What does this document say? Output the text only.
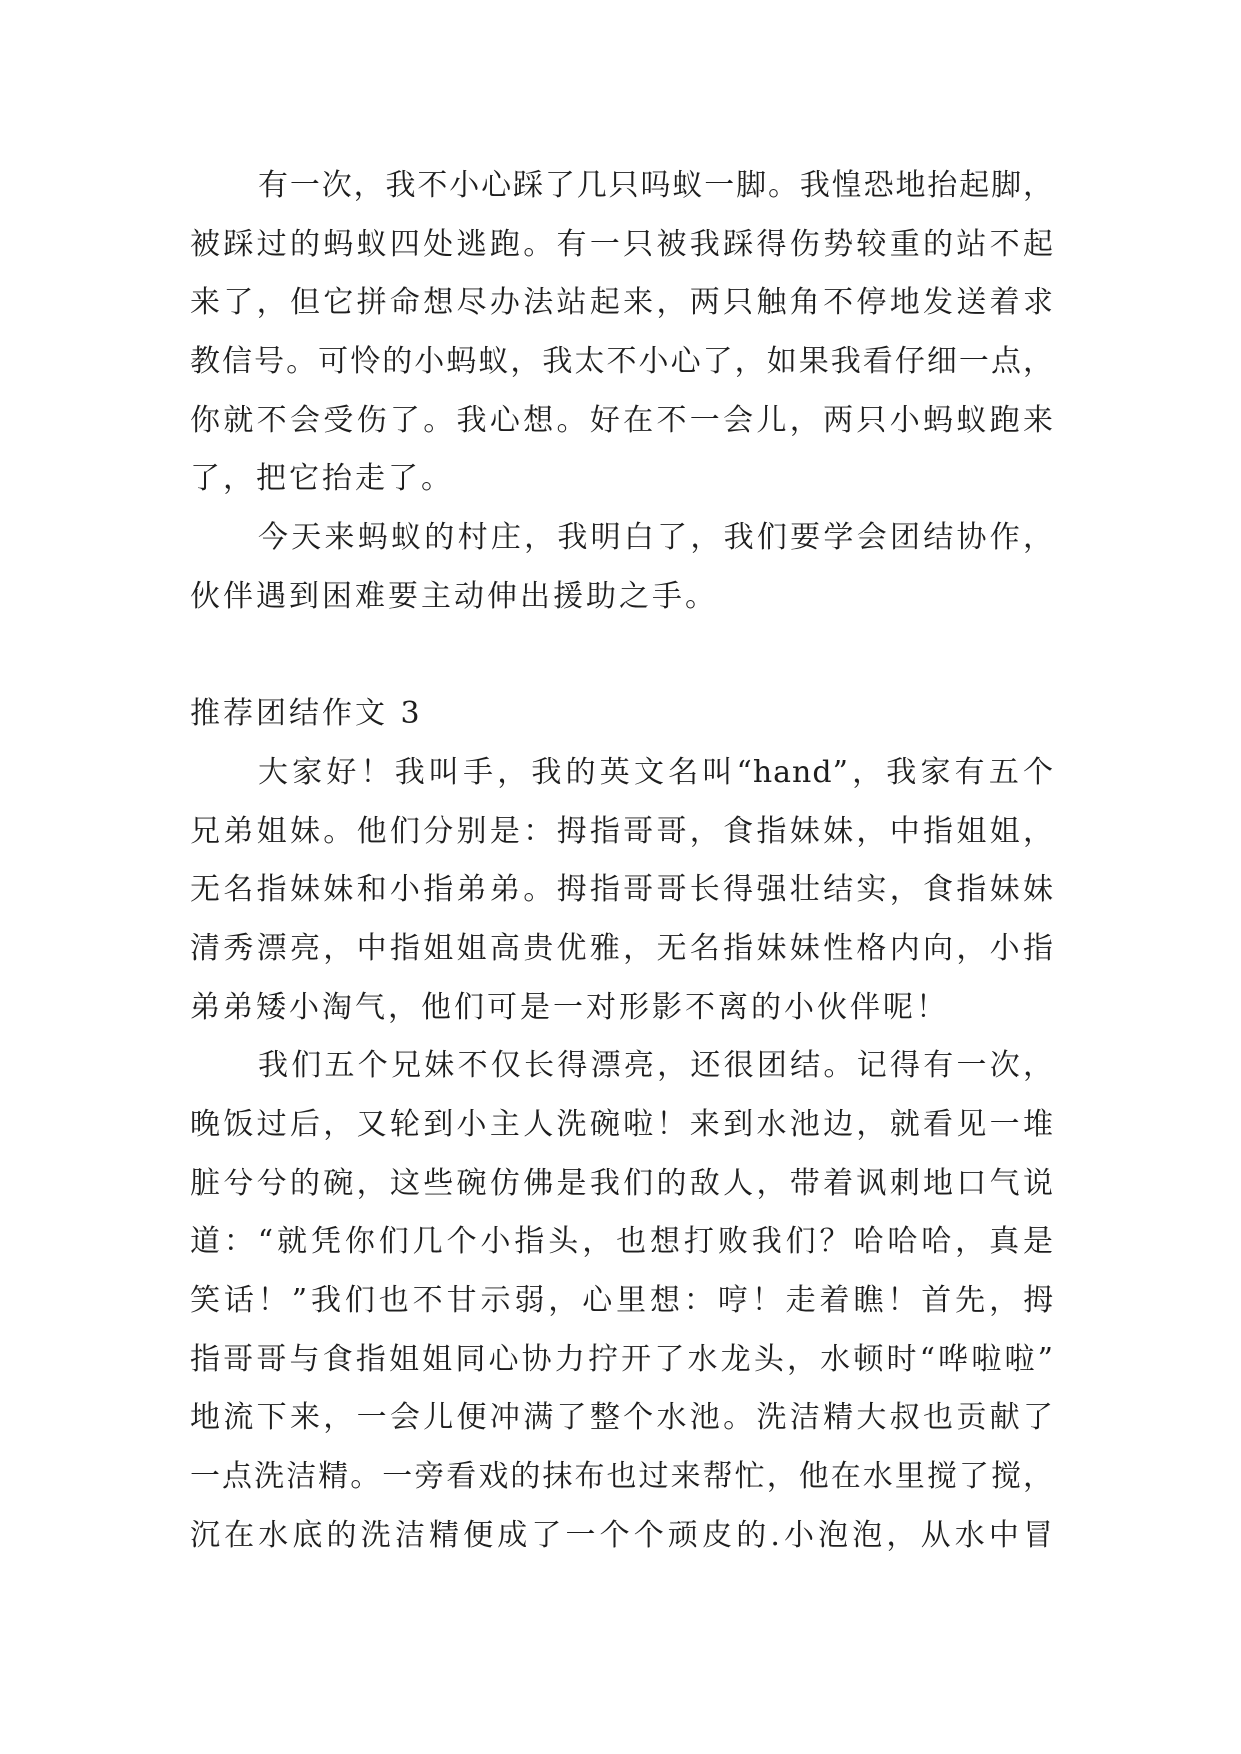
有一次，我不小心踩了几只吗蚁一脚。我惶恐地抬起脚，
被踩过的蚂蚁四处逃跑。有一只被我踩得伤势较重的站不起
来了，但它拼命想尽办法站起来，两只触角不停地发送着求
教信号。可怜的小蚂蚁，我太不小心了，如果我看仔细一点，
你就不会受伤了。我心想。好在不一会儿，两只小蚂蚁跑来
了，把它抬走了。
今天来蚂蚁的村庄，我明白了，我们要学会团结协作，
伙伴遇到困难要主动伸出援助之手。
推荐团结作文 3
大家好！我叫手，我的英文名叫“hand”，我家有五个
兄弟姐妹。他们分别是：拇指哥哥，食指妹妹，中指姐姐，
无名指妹妹和小指弟弟。拇指哥哥长得强壮结实，食指妹妹
清秀漂亮，中指姐姐高贵优雅，无名指妹妹性格内向，小指
弟弟矮小淘气，他们可是一对形影不离的小伙伴呢！
我们五个兄妹不仅长得漂亮，还很团结。记得有一次，
晚饭过后，又轮到小主人洗碗啦！来到水池边，就看见一堆
脏兮兮的碗，这些碗仿佛是我们的敌人，带着讽刺地口气说
道：“就凭你们几个小指头，也想打败我们？哈哈哈，真是
笑话！”我们也不甘示弱，心里想：哼！走着瞧！首先，拇
指哥哥与食指姐姐同心协力拧开了水龙头，水顿时“哗啦啦”
地流下来，一会儿便冲满了整个水池。洗洁精大叔也贡献了
一点洗洁精。一旁看戏的抹布也过来帮忙，他在水里搅了搅，
沉在水底的洗洁精便成了一个个顽皮的.小泡泡，从水中冒
